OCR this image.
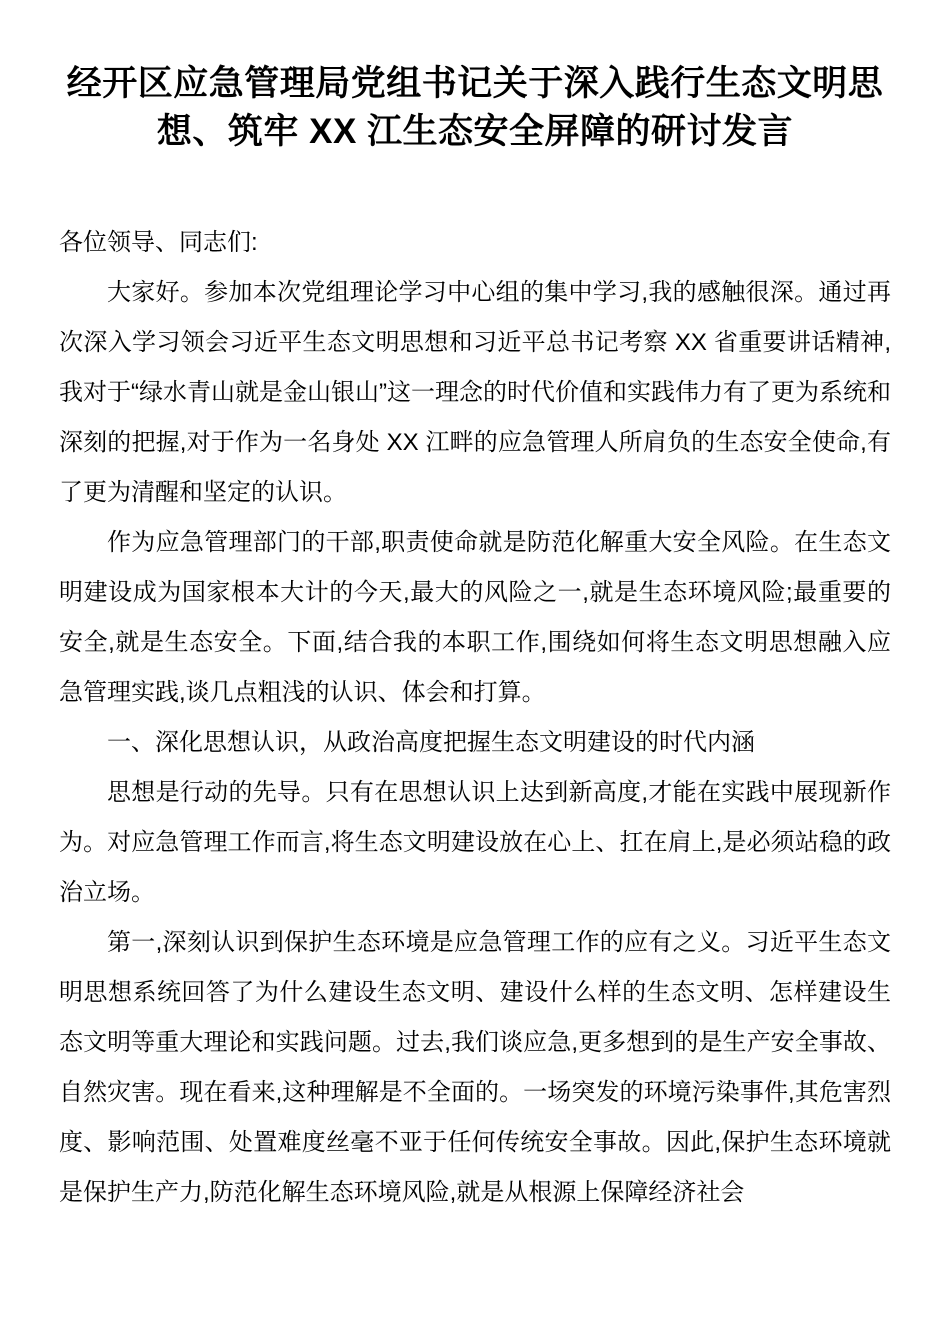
经开区应急管理局党组书记关于深入践行生态文明思想、筑牢 XX 江生态安全屏障的研讨发言

各位领导、同志们:

大家好。参加本次党组理论学习中心组的集中学习,我的感触很深。通过再次深入学习领会习近平生态文明思想和习近平总书记考察 XX 省重要讲话精神,我对于“绿水青山就是金山银山”这一理念的时代价值和实践伟力有了更为系统和深刻的把握,对于作为一名身处 XX 江畔的应急管理人所肩负的生态安全使命,有了更为清醒和坚定的认识。

作为应急管理部门的干部,职责使命就是防范化解重大安全风险。在生态文明建设成为国家根本大计的今天,最大的风险之一,就是生态环境风险;最重要的安全,就是生态安全。下面,结合我的本职工作,围绕如何将生态文明思想融入应急管理实践,谈几点粗浅的认识、体会和打算。

一、深化思想认识，从政治高度把握生态文明建设的时代内涵

思想是行动的先导。只有在思想认识上达到新高度,才能在实践中展现新作为。对应急管理工作而言,将生态文明建设放在心上、扛在肩上,是必须站稳的政治立场。

第一,深刻认识到保护生态环境是应急管理工作的应有之义。习近平生态文明思想系统回答了为什么建设生态文明、建设什么样的生态文明、怎样建设生态文明等重大理论和实践问题。过去,我们谈应急,更多想到的是生产安全事故、自然灾害。现在看来,这种理解是不全面的。一场突发的环境污染事件,其危害烈度、影响范围、处置难度丝毫不亚于任何传统安全事故。因此,保护生态环境就是保护生产力,防范化解生态环境风险,就是从根源上保障经济社会
